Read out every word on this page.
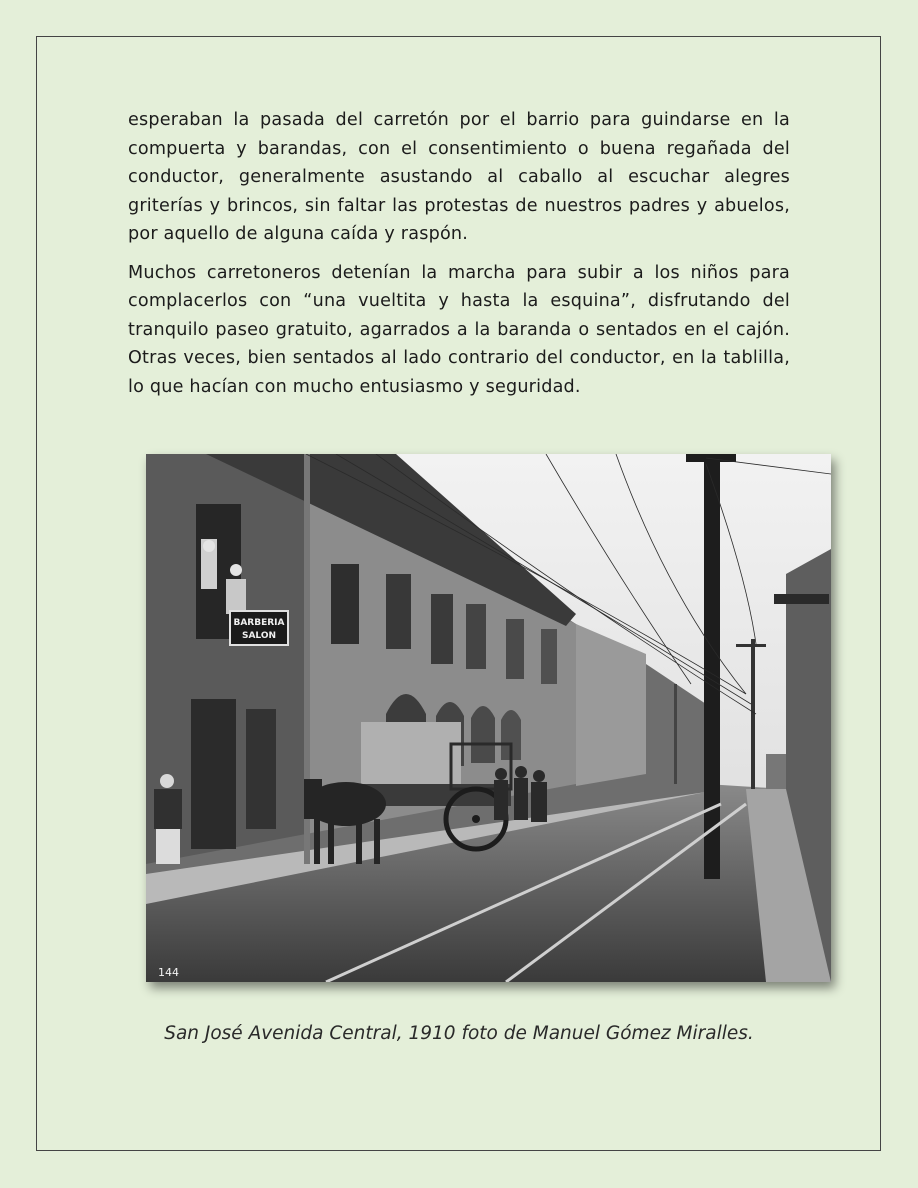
esperaban la pasada del carretón por el barrio para guindarse en la compuerta y barandas, con el consentimiento o buena regañada del conductor, generalmente asustando al caballo al escuchar alegres griterías y brincos, sin faltar las protestas de nuestros padres y abuelos, por aquello de alguna caída y raspón.

Muchos carretoneros detenían la marcha para subir a los niños para complacerlos con “una vueltita y hasta la esquina”, disfrutando del tranquilo paseo gratuito, agarrados a la baranda o sentados en el cajón. Otras veces, bien sentados al lado contrario del conductor, en la tablilla, lo que hacían con mucho entusiasmo y seguridad.

BARBERIA
SALON
144
San José Avenida Central, 1910 foto de Manuel Gómez Miralles.
